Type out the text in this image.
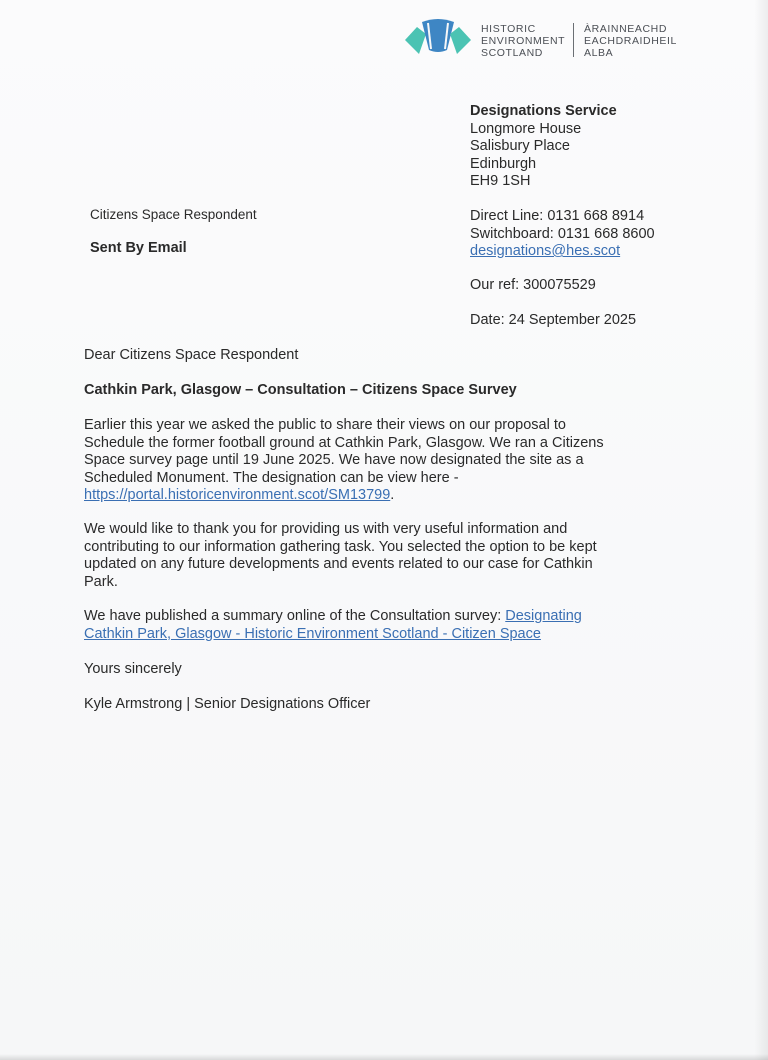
HISTORIC
ENVIRONMENT
SCOTLAND
ÀRAINNEACHD
EACHDRAIDHEIL
ALBA
Designations Service
Longmore House
Salisbury Place
Edinburgh
EH9 1SH
Direct Line: 0131 668 8914
Switchboard: 0131 668 8600
designations@hes.scot
Our ref: 300075529
Date: 24 September 2025
Citizens Space Respondent
Sent By Email
Dear Citizens Space Respondent
Cathkin Park, Glasgow – Consultation – Citizens Space Survey
Earlier this year we asked the public to share their views on our proposal to
Schedule the former football ground at Cathkin Park, Glasgow. We ran a Citizens
Space survey page until 19 June 2025. We have now designated the site as a
Scheduled Monument. The designation can be view here -
https://portal.historicenvironment.scot/SM13799.
We would like to thank you for providing us with very useful information and
contributing to our information gathering task. You selected the option to be kept
updated on any future developments and events related to our case for Cathkin
Park.
We have published a summary online of the Consultation survey: Designating
Cathkin Park, Glasgow - Historic Environment Scotland - Citizen Space
Yours sincerely
Kyle Armstrong | Senior Designations Officer
